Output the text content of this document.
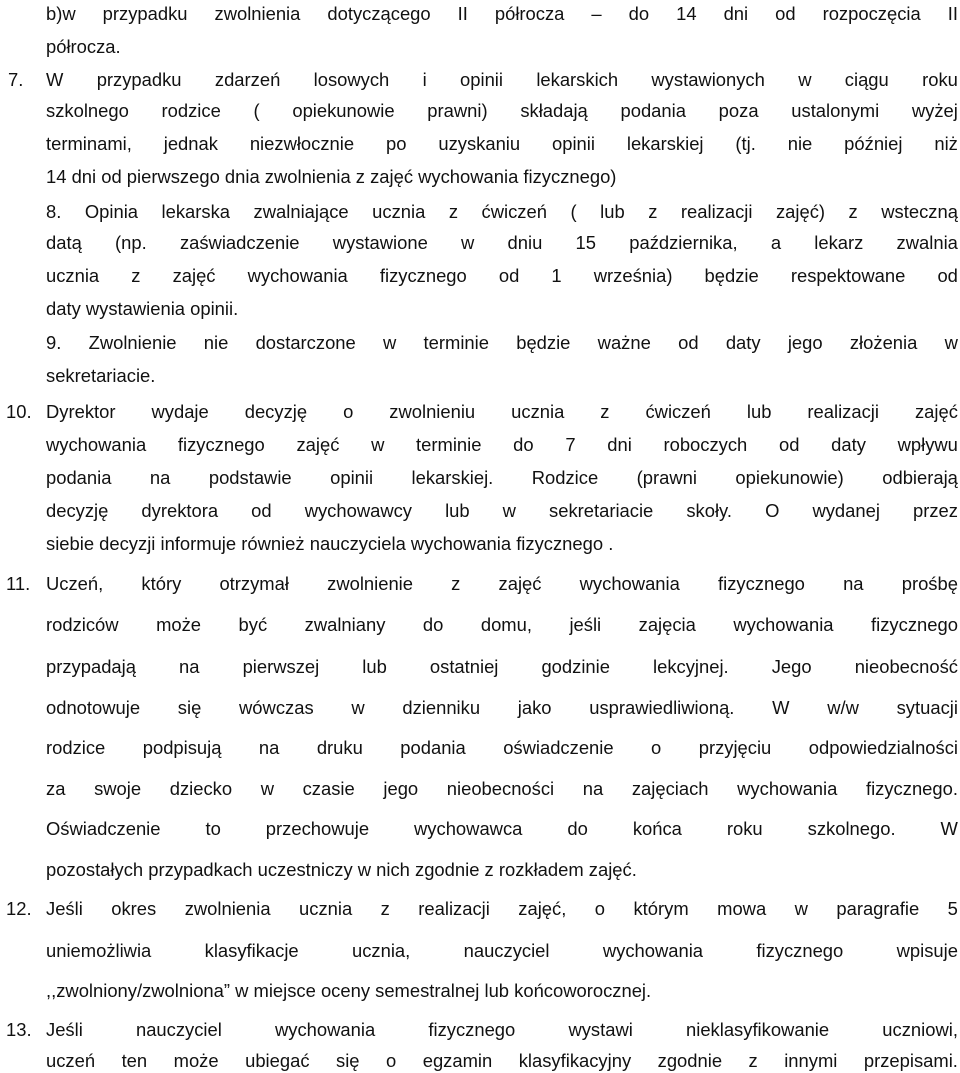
b)w przypadku zwolnienia dotyczącego II półrocza – do 14 dni od rozpoczęcia II
półrocza.
7. W przypadku zdarzeń losowych i opinii lekarskich wystawionych w ciągu roku
szkolnego rodzice ( opiekunowie prawni) składają podania poza ustalonymi wyżej
terminami, jednak niezwłocznie po uzyskaniu opinii lekarskiej (tj. nie później niż
14 dni od pierwszego dnia zwolnienia z zajęć wychowania fizycznego)
8. Opinia lekarska zwalniające ucznia z ćwiczeń ( lub z realizacji zajęć) z wsteczną
datą (np. zaświadczenie wystawione w dniu 15 października, a lekarz zwalnia
ucznia z zajęć wychowania fizycznego od 1 września) będzie respektowane od
daty wystawienia opinii.
9. Zwolnienie nie dostarczone w terminie będzie ważne od daty jego złożenia w
sekretariacie.
10. Dyrektor wydaje decyzję o zwolnieniu ucznia z ćwiczeń lub realizacji zajęć
wychowania fizycznego zajęć w terminie do 7 dni roboczych od daty wpływu
podania na podstawie opinii lekarskiej. Rodzice (prawni opiekunowie) odbierają
decyzję dyrektora od wychowawcy lub w sekretariacie skoły. O wydanej przez
siebie decyzji informuje również nauczyciela wychowania fizycznego .
11. Uczeń, który otrzymał zwolnienie z zajęć wychowania fizycznego na prośbę
rodziców może być zwalniany do domu, jeśli zajęcia wychowania fizycznego
przypadają na pierwszej lub ostatniej godzinie lekcyjnej. Jego nieobecność
odnotowuje się wówczas w dzienniku jako usprawiedliwioną. W w/w sytuacji
rodzice podpisują na druku podania oświadczenie o przyjęciu odpowiedzialności
za swoje dziecko w czasie jego nieobecności na zajęciach wychowania fizycznego.
Oświadczenie to przechowuje wychowawca do końca roku szkolnego. W
pozostałych przypadkach uczestniczy w nich zgodnie z rozkładem zajęć.
12. Jeśli okres zwolnienia ucznia z realizacji zajęć, o którym mowa w paragrafie 5
uniemożliwia	klasyfikacje	ucznia,	nauczyciel	wychowania	fizycznego	wpisuje
,,zwolniony/zwolniona” w miejsce oceny semestralnej lub końcoworocznej.
13. Jeśli	nauczyciel	wychowania	fizycznego	wystawi	nieklasyfikowanie	uczniowi,
uczeń ten może ubiegać się o egzamin klasyfikacyjny zgodnie z innymi przepisami.
